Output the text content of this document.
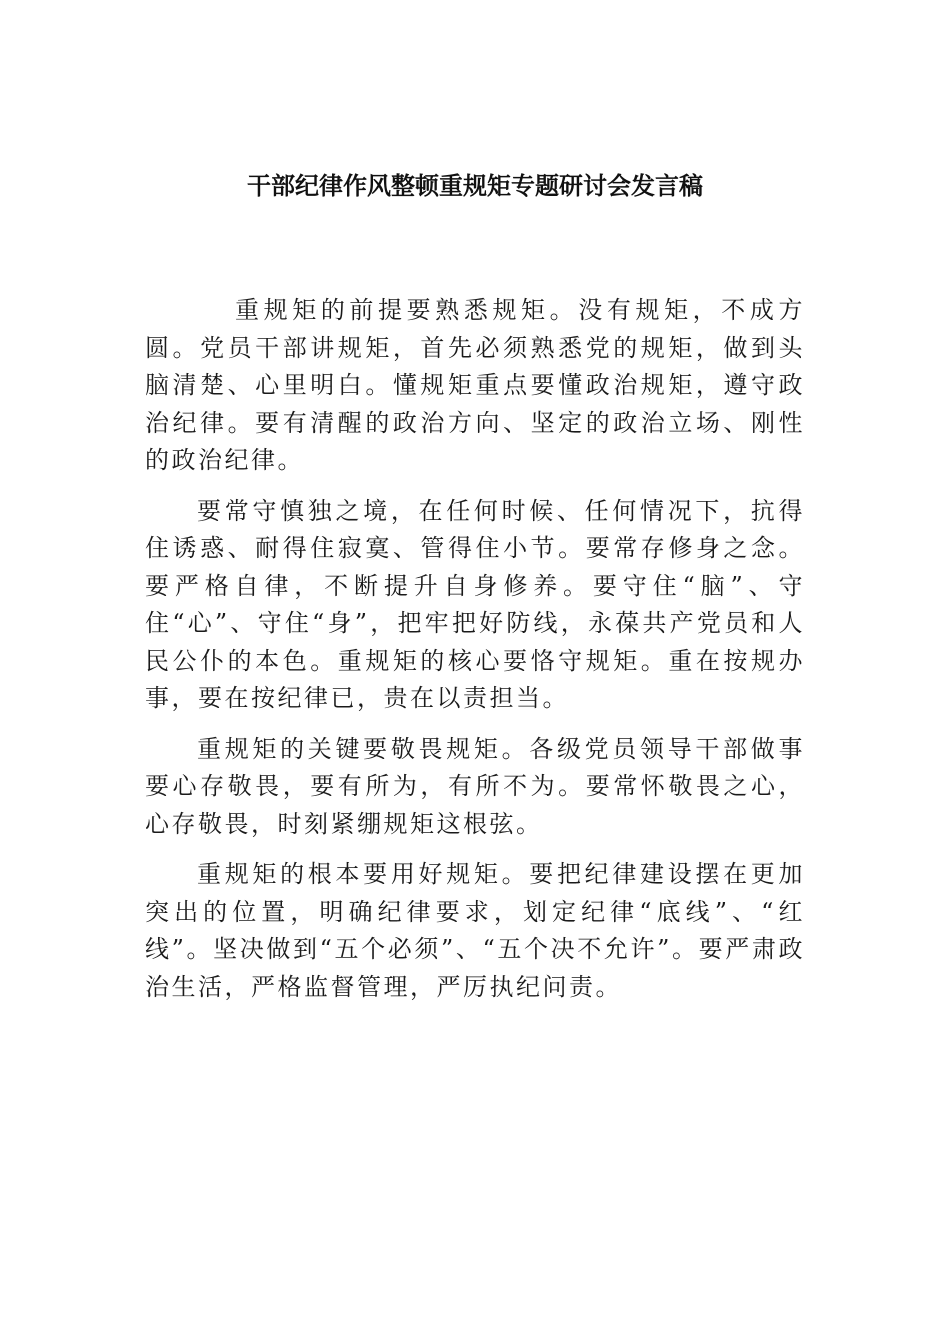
干部纪律作风整顿重规矩专题研讨会发言稿

重规矩的前提要熟悉规矩。没有规矩，不成方圆。党员干部讲规矩，首先必须熟悉党的规矩，做到头脑清楚、心里明白。懂规矩重点要懂政治规矩，遵守政治纪律。要有清醒的政治方向、坚定的政治立场、刚性的政治纪律。

要常守慎独之境，在任何时候、任何情况下，抗得住诱惑、耐得住寂寞、管得住小节。要常存修身之念。要严格自律，不断提升自身修养。要守住“脑”、守住“心”、守住“身”，把牢把好防线，永葆共产党员和人民公仆的本色。重规矩的核心要恪守规矩。重在按规办事，要在按纪律已，贵在以责担当。

重规矩的关键要敬畏规矩。各级党员领导干部做事要心存敬畏，要有所为，有所不为。要常怀敬畏之心，心存敬畏，时刻紧绷规矩这根弦。

重规矩的根本要用好规矩。要把纪律建设摆在更加突出的位置，明确纪律要求，划定纪律“底线”、“红线”。坚决做到“五个必须”、“五个决不允许”。要严肃政治生活，严格监督管理，严厉执纪问责。
